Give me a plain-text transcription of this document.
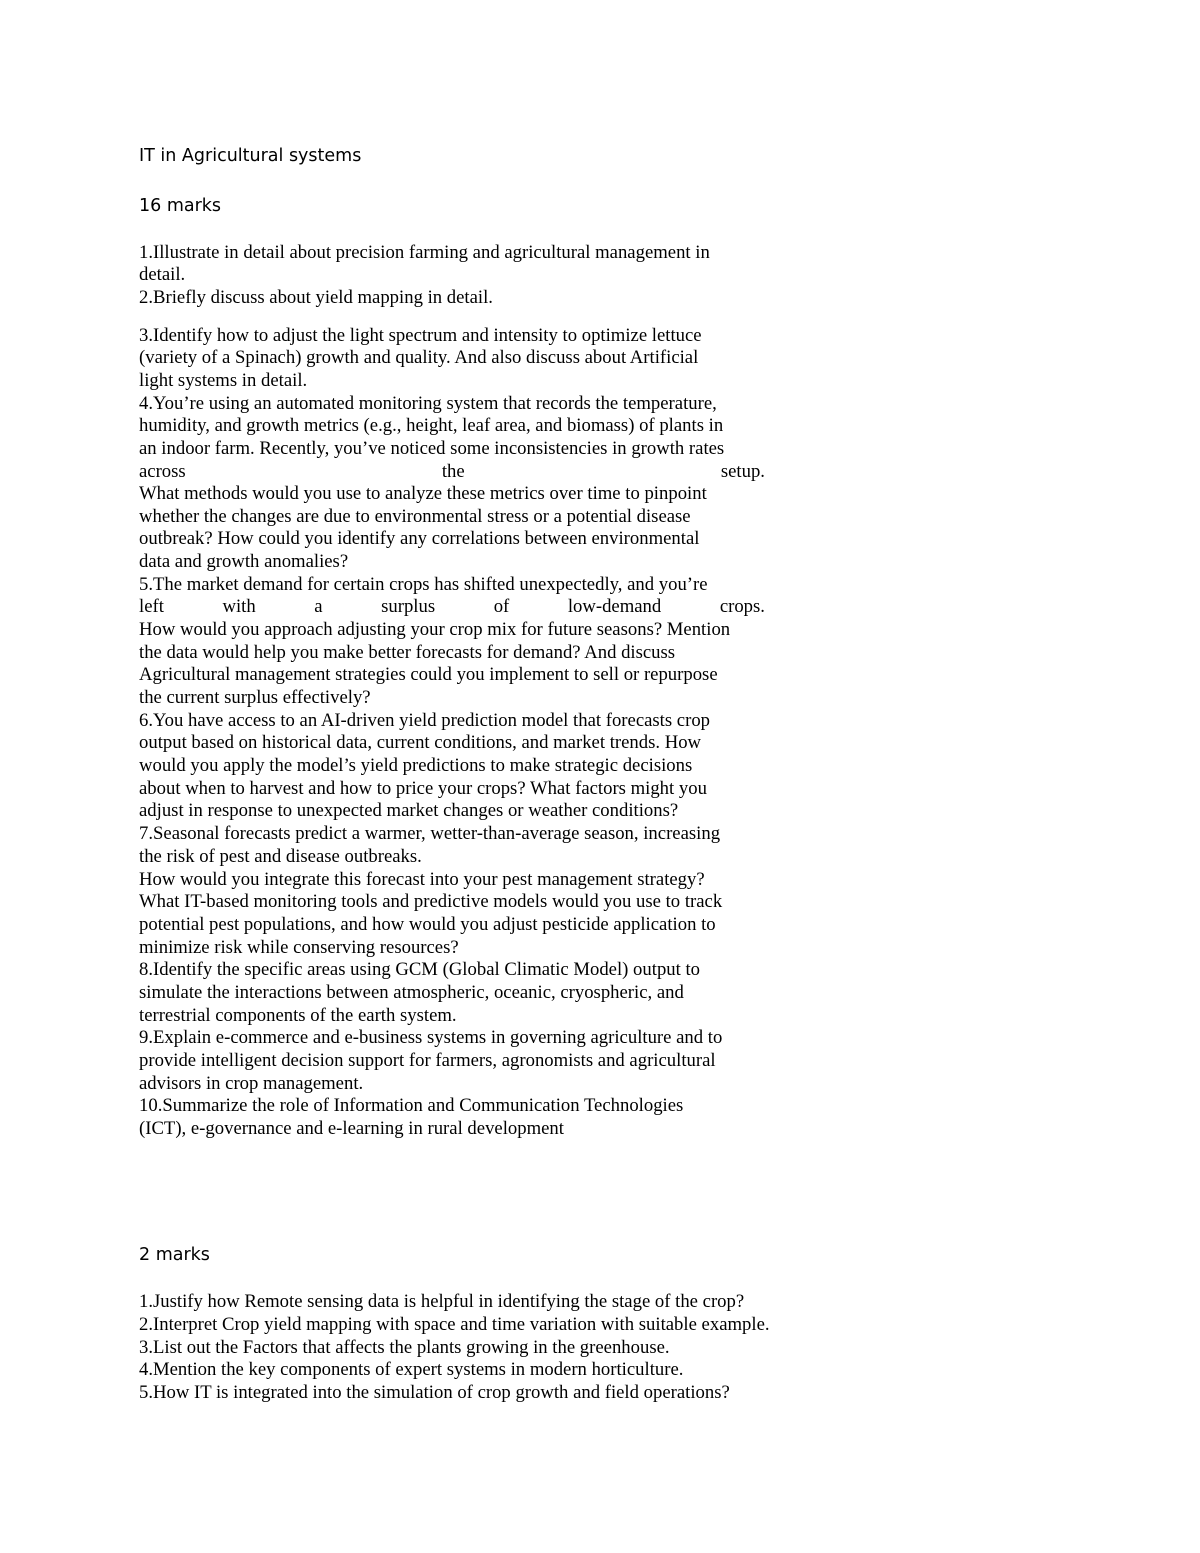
IT in Agricultural systems
16 marks
1.Illustrate in detail about precision farming and agricultural management in
detail.
2.Briefly discuss about yield mapping in detail.
3.Identify how to adjust the light spectrum and intensity to optimize lettuce
(variety of a Spinach) growth and quality. And also discuss about Artificial
light systems in detail.
4.You’re using an automated monitoring system that records the temperature,
humidity, and growth metrics (e.g., height, leaf area, and biomass) of plants in
an indoor farm. Recently, you’ve noticed some inconsistencies in growth rates
across	the	setup.
What methods would you use to analyze these metrics over time to pinpoint
whether the changes are due to environmental stress or a potential disease
outbreak? How could you identify any correlations between environmental
data and growth anomalies?
5.The market demand for certain crops has shifted unexpectedly, and you’re
left	with	a	surplus	of	low-demand	crops.
How would you approach adjusting your crop mix for future seasons? Mention
the data would help you make better forecasts for demand? And discuss
Agricultural management strategies could you implement to sell or repurpose
the current surplus effectively?
6.You have access to an AI-driven yield prediction model that forecasts crop
output based on historical data, current conditions, and market trends. How
would you apply the model’s yield predictions to make strategic decisions
about when to harvest and how to price your crops? What factors might you
adjust in response to unexpected market changes or weather conditions?
7.Seasonal forecasts predict a warmer, wetter-than-average season, increasing
the risk of pest and disease outbreaks.
How would you integrate this forecast into your pest management strategy?
What IT-based monitoring tools and predictive models would you use to track
potential pest populations, and how would you adjust pesticide application to
minimize risk while conserving resources?
8.Identify the specific areas using GCM (Global Climatic Model) output to
simulate the interactions between atmospheric, oceanic, cryospheric, and
terrestrial components of the earth system.
9.Explain e-commerce and e-business systems in governing agriculture and to
provide intelligent decision support for farmers, agronomists and agricultural
advisors in crop management.
10.Summarize the role of Information and Communication Technologies
(ICT), e-governance and e-learning in rural development
2 marks
1.Justify how Remote sensing data is helpful in identifying the stage of the crop?
2.Interpret Crop yield mapping with space and time variation with suitable example.
3.List out the Factors that affects the plants growing in the greenhouse.
4.Mention the key components of expert systems in modern horticulture.
5.How IT is integrated into the simulation of crop growth and field operations?
